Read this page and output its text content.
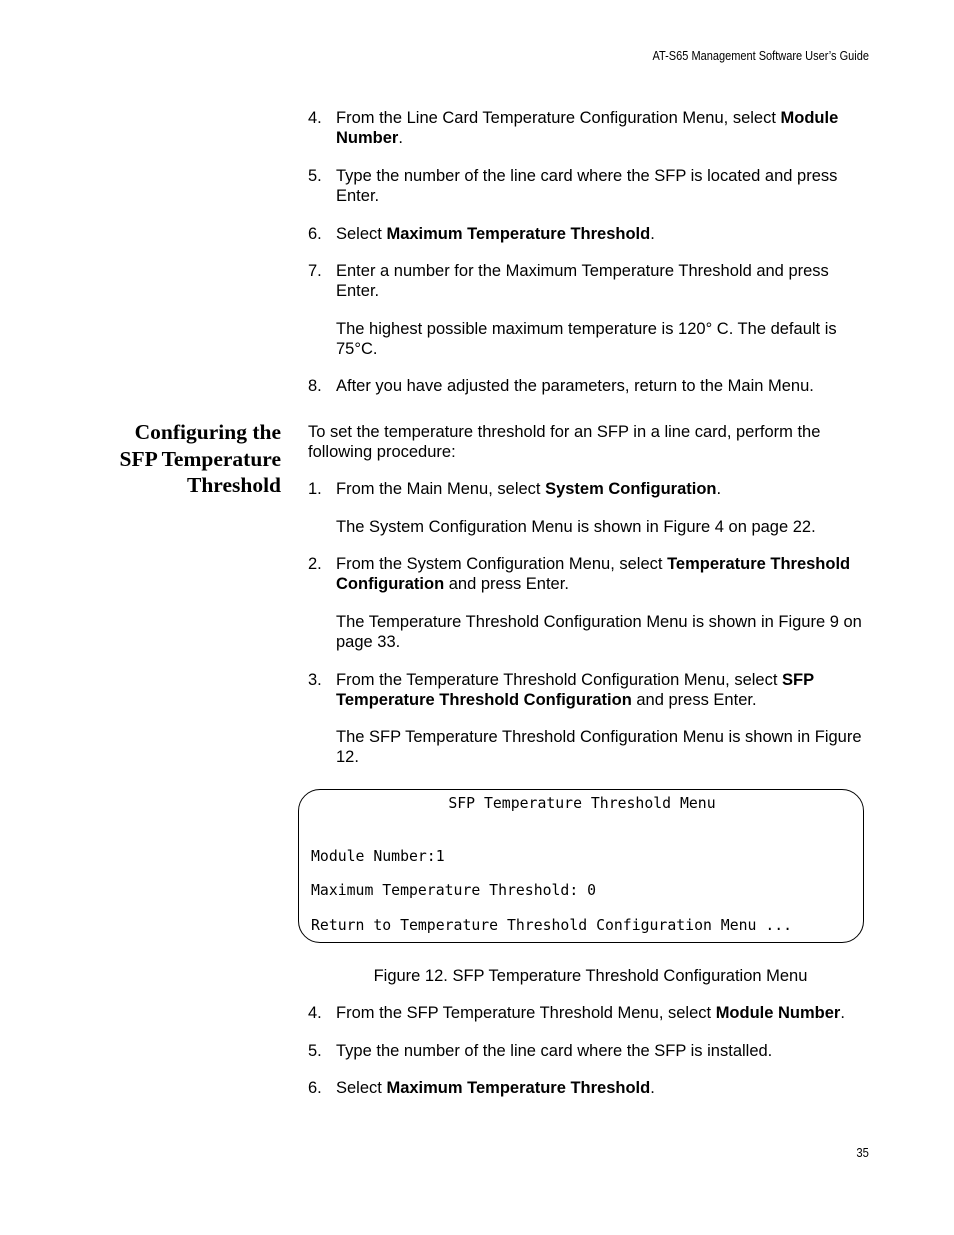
AT-S65 Management Software User’s Guide
4. From the Line Card Temperature Configuration Menu, select Module Number.
5. Type the number of the line card where the SFP is located and press Enter.
6. Select Maximum Temperature Threshold.
7. Enter a number for the Maximum Temperature Threshold and press Enter.
The highest possible maximum temperature is 120° C. The default is 75°C.
8. After you have adjusted the parameters, return to the Main Menu.
Configuring the
SFP Temperature
Threshold
To set the temperature threshold for an SFP in a line card, perform the following procedure:
1. From the Main Menu, select System Configuration.
The System Configuration Menu is shown in Figure 4 on page 22.
2. From the System Configuration Menu, select Temperature Threshold Configuration and press Enter.
The Temperature Threshold Configuration Menu is shown in Figure 9 on page 33.
3. From the Temperature Threshold Configuration Menu, select SFP Temperature Threshold Configuration and press Enter.
The SFP Temperature Threshold Configuration Menu is shown in Figure 12.
SFP Temperature Threshold Menu
Module Number:1
Maximum Temperature Threshold: 0
Return to Temperature Threshold Configuration Menu ...
Figure 12. SFP Temperature Threshold Configuration Menu
4. From the SFP Temperature Threshold Menu, select Module Number.
5. Type the number of the line card where the SFP is installed.
6. Select Maximum Temperature Threshold.
35
